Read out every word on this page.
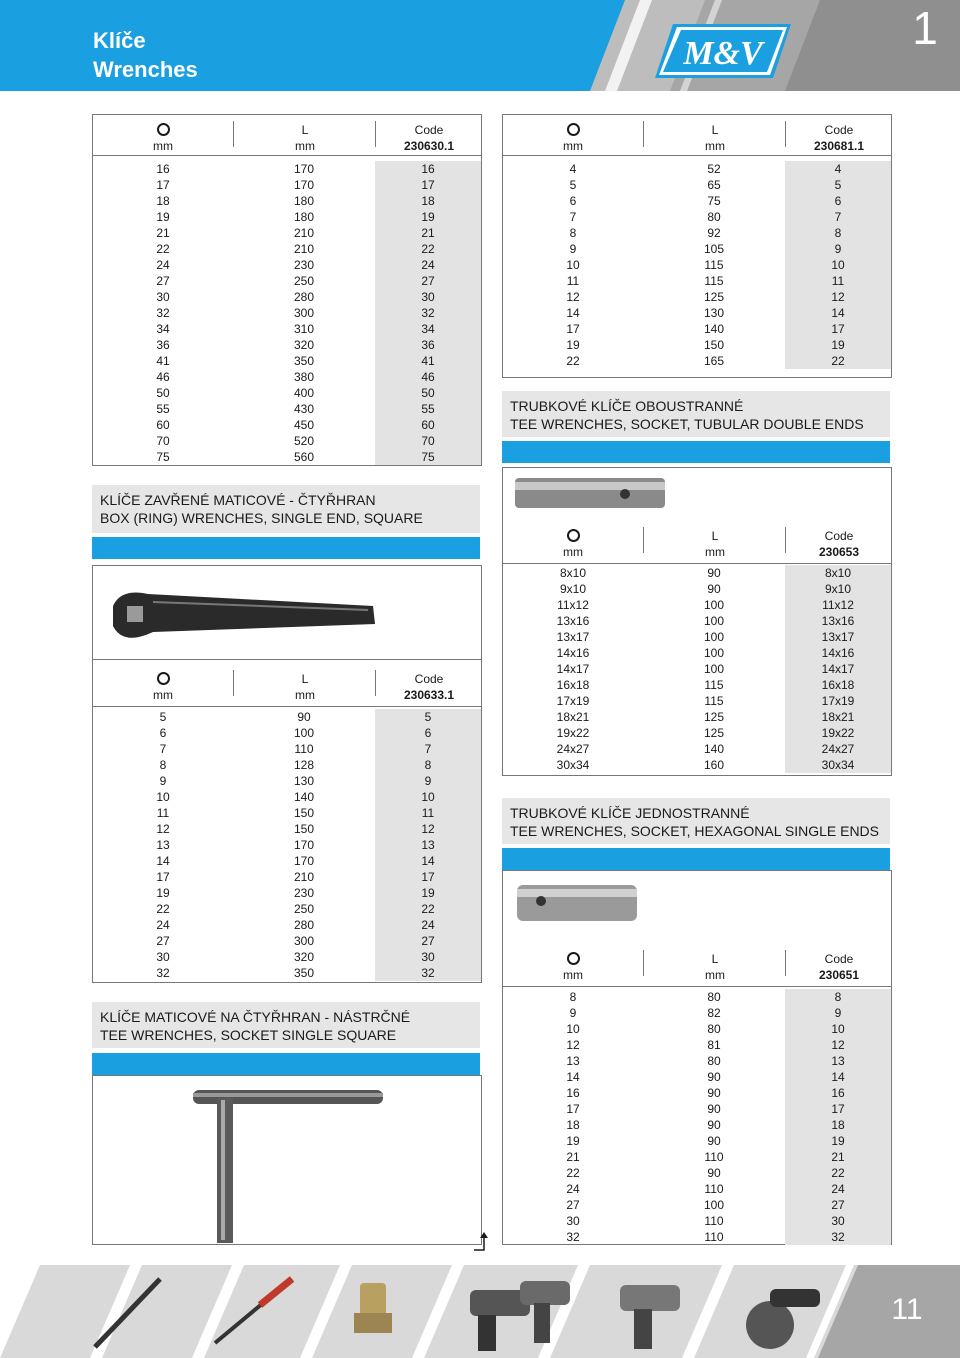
Klíče
Wrenches	M&V	1
mm
L
mm
Code
230630.1
16	170	16
17	170	17
18	180	18
19	180	19
21	210	21
22	210	22
24	230	24
27	250	27
30	280	30
32	300	32
34	310	34
36	320	36
41	350	41
46	380	46
50	400	50
55	430	55
60	450	60
70	520	70
75	560	75
mm
L
mm
Code
230681.1
4	52	4
5	65	5
6	75	6
7	80	7
8	92	8
9	105	9
10	115	10
11	115	11
12	125	12
14	130	14
17	140	17
19	150	19
22	165	22
TRUBKOVÉ KLÍČE OBOUSTRANNÉ
TEE WRENCHES, SOCKET, TUBULAR DOUBLE ENDS
KLÍČE ZAVŘENÉ MATICOVÉ - ČTYŘHRAN
BOX (RING) WRENCHES, SINGLE END, SQUARE
mm
L
mm
Code
230633.1
5	90	5
6	100	6
7	110	7
8	128	8
9	130	9
10	140	10
11	150	11
12	150	12
13	170	13
14	170	14
17	210	17
19	230	19
22	250	22
24	280	24
27	300	27
30	320	30
32	350	32
KLÍČE MATICOVÉ NA ČTYŘHRAN - NÁSTRČNÉ
TEE WRENCHES, SOCKET SINGLE SQUARE
mm
L
mm
Code
230653
8x10	90	8x10
9x10	90	9x10
11x12	100	11x12
13x16	100	13x16
13x17	100	13x17
14x16	100	14x16
14x17	100	14x17
16x18	115	16x18
17x19	115	17x19
18x21	125	18x21
19x22	125	19x22
24x27	140	24x27
30x34	160	30x34
TRUBKOVÉ KLÍČE JEDNOSTRANNÉ
TEE WRENCHES, SOCKET, HEXAGONAL SINGLE ENDS
mm
L
mm
Code
230651
8	80	8
9	82	9
10	80	10
12	81	12
13	80	13
14	90	14
16	90	16
17	90	17
18	90	18
19	90	19
21	110	21
22	90	22
24	110	24
27	100	27
30	110	30
32	110	32
11
